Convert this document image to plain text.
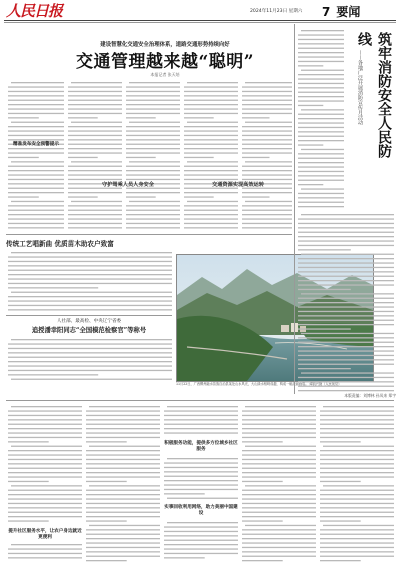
人民日报	2024年11月23日 星期六 7 要闻
建设智慧化交通安全治理体系，道路交通形势持续向好
交通管理越来越“聪明”
本报记者 张天培
精准发布安全预警提示
守护驾乘人员人身安全	交通资源实现高效运转
传统工艺唱新曲 优质苗木助农户致富
人社部、最高检、中央辽宁省委
追授潘幸阳同志“全国模范检察官”等称号
11月22日，广西柳州融水苗族自治县某处山水风光，大山绿水相映成趣，构成一幅美丽画卷。 谭凯兴摄（人民视觉）
筑牢消防安全人民防线
——各地广泛开展消防宣传月活动
提升社区服务水平，让农户身边就近更便利
积极服务功能，提供多方位城乡社区服务
实事回收利用网络，助力美丽中国建设
本版责编：刘博林 孙凤来 郑宇
